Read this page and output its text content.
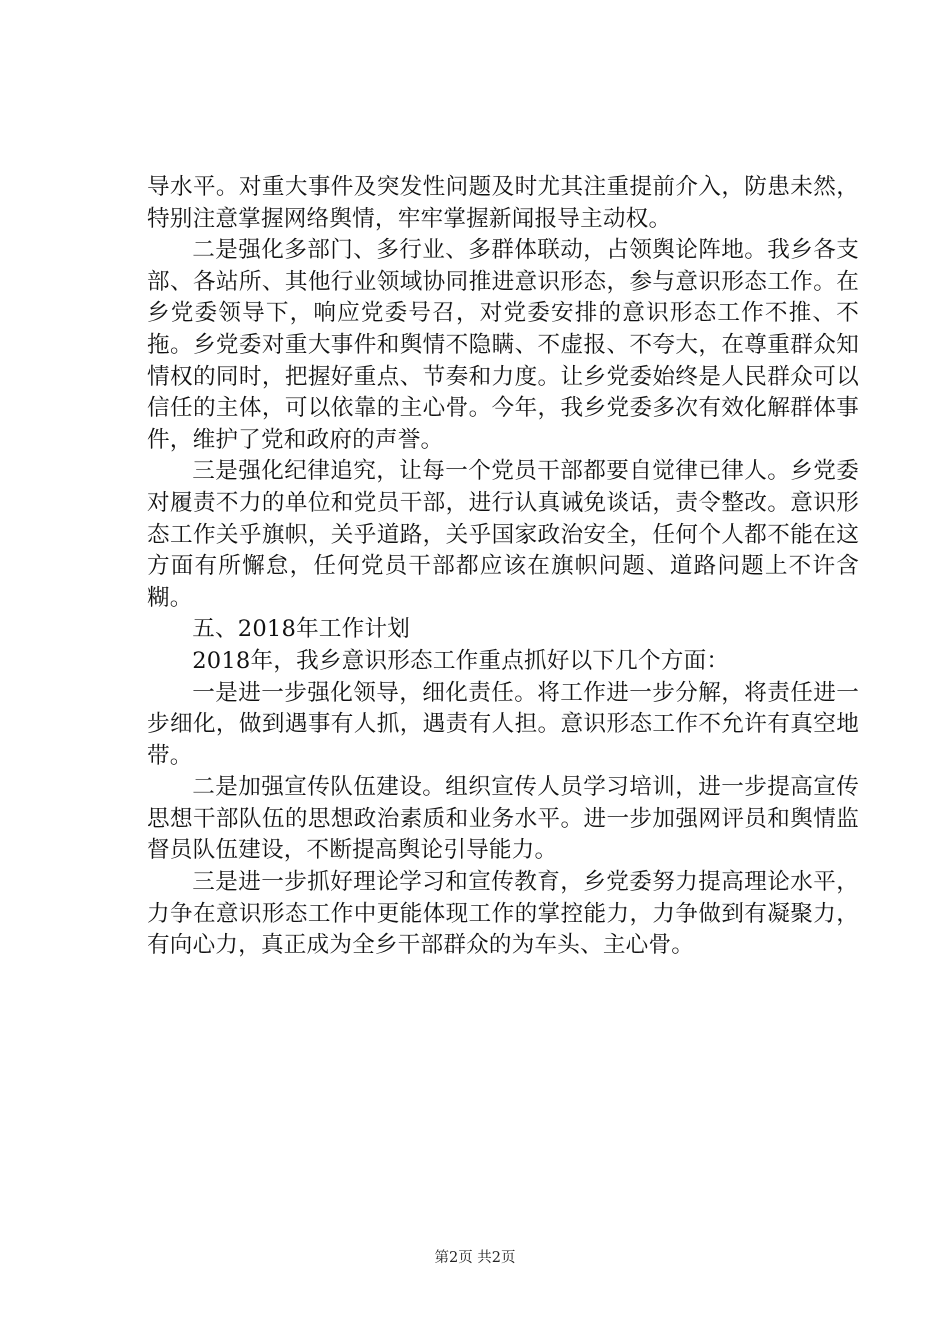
导水平。对重大事件及突发性问题及时尤其注重提前介入，防患未然，特别注意掌握网络舆情，牢牢掌握新闻报导主动权。

二是强化多部门、多行业、多群体联动，占领舆论阵地。我乡各支部、各站所、其他行业领域协同推进意识形态，参与意识形态工作。在乡党委领导下，响应党委号召，对党委安排的意识形态工作不推、不拖。乡党委对重大事件和舆情不隐瞒、不虚报、不夸大，在尊重群众知情权的同时，把握好重点、节奏和力度。让乡党委始终是人民群众可以信任的主体，可以依靠的主心骨。今年，我乡党委多次有效化解群体事件，维护了党和政府的声誉。

三是强化纪律追究，让每一个党员干部都要自觉律已律人。乡党委对履责不力的单位和党员干部，进行认真诫免谈话，责令整改。意识形态工作关乎旗帜，关乎道路，关乎国家政治安全，任何个人都不能在这方面有所懈怠，任何党员干部都应该在旗帜问题、道路问题上不许含糊。

五、2018年工作计划

2018年，我乡意识形态工作重点抓好以下几个方面：

一是进一步强化领导，细化责任。将工作进一步分解，将责任进一步细化，做到遇事有人抓，遇责有人担。意识形态工作不允许有真空地带。

二是加强宣传队伍建设。组织宣传人员学习培训，进一步提高宣传思想干部队伍的思想政治素质和业务水平。进一步加强网评员和舆情监督员队伍建设，不断提高舆论引导能力。

三是进一步抓好理论学习和宣传教育，乡党委努力提高理论水平，力争在意识形态工作中更能体现工作的掌控能力，力争做到有凝聚力，有向心力，真正成为全乡干部群众的为车头、主心骨。

第2页 共2页
